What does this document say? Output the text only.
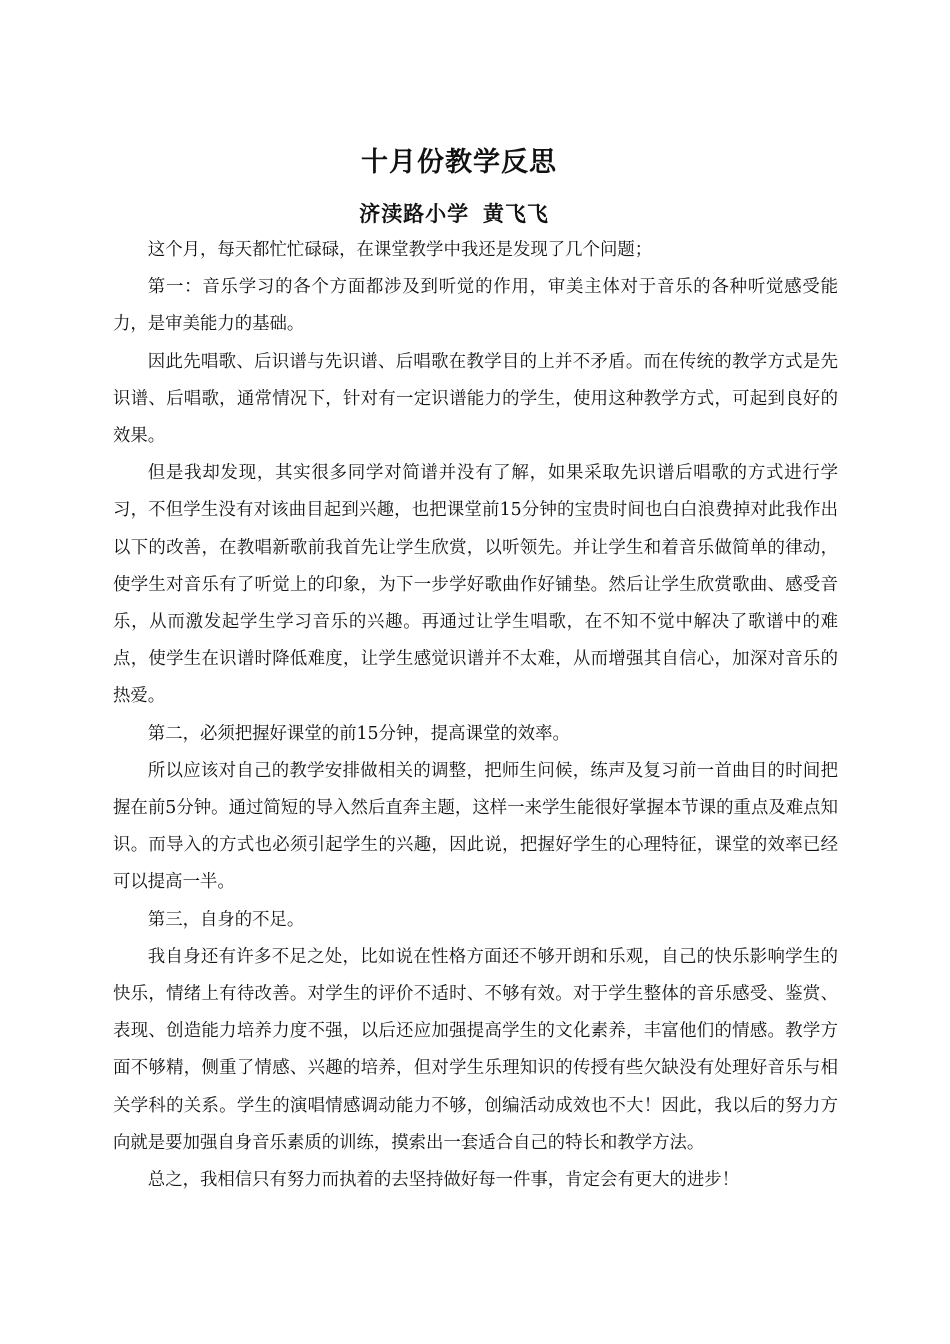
十月份教学反思
济渎路小学 黄飞飞

这个月，每天都忙忙碌碌，在课堂教学中我还是发现了几个问题；

第一：音乐学习的各个方面都涉及到听觉的作用，审美主体对于音乐的各种听觉感受能力，是审美能力的基础。

因此先唱歌、后识谱与先识谱、后唱歌在教学目的上并不矛盾。而在传统的教学方式是先识谱、后唱歌，通常情况下，针对有一定识谱能力的学生，使用这种教学方式，可起到良好的效果。

但是我却发现，其实很多同学对简谱并没有了解，如果采取先识谱后唱歌的方式进行学习，不但学生没有对该曲目起到兴趣，也把课堂前15分钟的宝贵时间也白白浪费掉对此我作出以下的改善，在教唱新歌前我首先让学生欣赏，以听领先。并让学生和着音乐做简单的律动，使学生对音乐有了听觉上的印象，为下一步学好歌曲作好铺垫。然后让学生欣赏歌曲、感受音乐，从而激发起学生学习音乐的兴趣。再通过让学生唱歌，在不知不觉中解决了歌谱中的难点，使学生在识谱时降低难度，让学生感觉识谱并不太难，从而增强其自信心，加深对音乐的热爱。

第二，必须把握好课堂的前15分钟，提高课堂的效率。

所以应该对自己的教学安排做相关的调整，把师生问候，练声及复习前一首曲目的时间把握在前5分钟。通过简短的导入然后直奔主题，这样一来学生能很好掌握本节课的重点及难点知识。而导入的方式也必须引起学生的兴趣，因此说，把握好学生的心理特征，课堂的效率已经可以提高一半。

第三，自身的不足。

我自身还有许多不足之处，比如说在性格方面还不够开朗和乐观，自己的快乐影响学生的快乐，情绪上有待改善。对学生的评价不适时、不够有效。对于学生整体的音乐感受、鉴赏、表现、创造能力培养力度不强，以后还应加强提高学生的文化素养，丰富他们的情感。教学方面不够精，侧重了情感、兴趣的培养，但对学生乐理知识的传授有些欠缺没有处理好音乐与相关学科的关系。学生的演唱情感调动能力不够，创编活动成效也不大！因此，我以后的努力方向就是要加强自身音乐素质的训练，摸索出一套适合自己的特长和教学方法。

总之，我相信只有努力而执着的去坚持做好每一件事，肯定会有更大的进步！
